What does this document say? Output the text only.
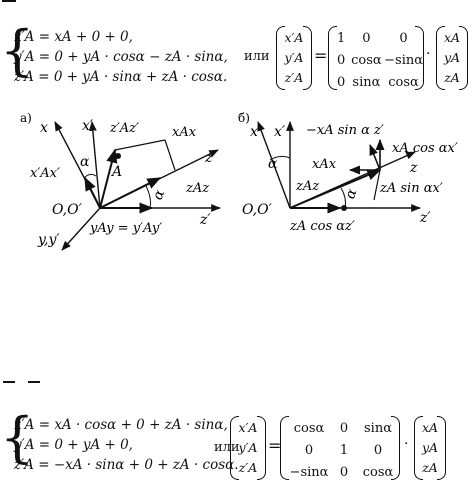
{
x′A = xA + 0 + 0,
y′A = 0 + yA · cosα − zA · sinα,
z′A = 0 + yA · sinα + zA · cosα.
или
x′A
y′A
z′A
=
1	0	0
0	cosα	−sinα
0	sinα	cosα
·
xA
yA
zA
а)
x x′ z′Az′	xAx
x′Ax′
α
A
z
zAz
α
O,O′
z′
y,y′
yAy = y′Ay′
б)
x x′ −xA sin α z′
xA cos αx′
xAx
α
zAz	zA sin αx′
z
α
O,O′	z′
zA cos αz′
{
x′A = xA · cosα + 0 + zA · sinα,
y′A = 0 + yA + 0,
z′A = −xA · sinα + 0 + zA · cosα.
или
x′A
y′A
z′A
=
cosα	0	sinα
0	1	0
−sinα	0	cosα
·
xA
yA
zA
